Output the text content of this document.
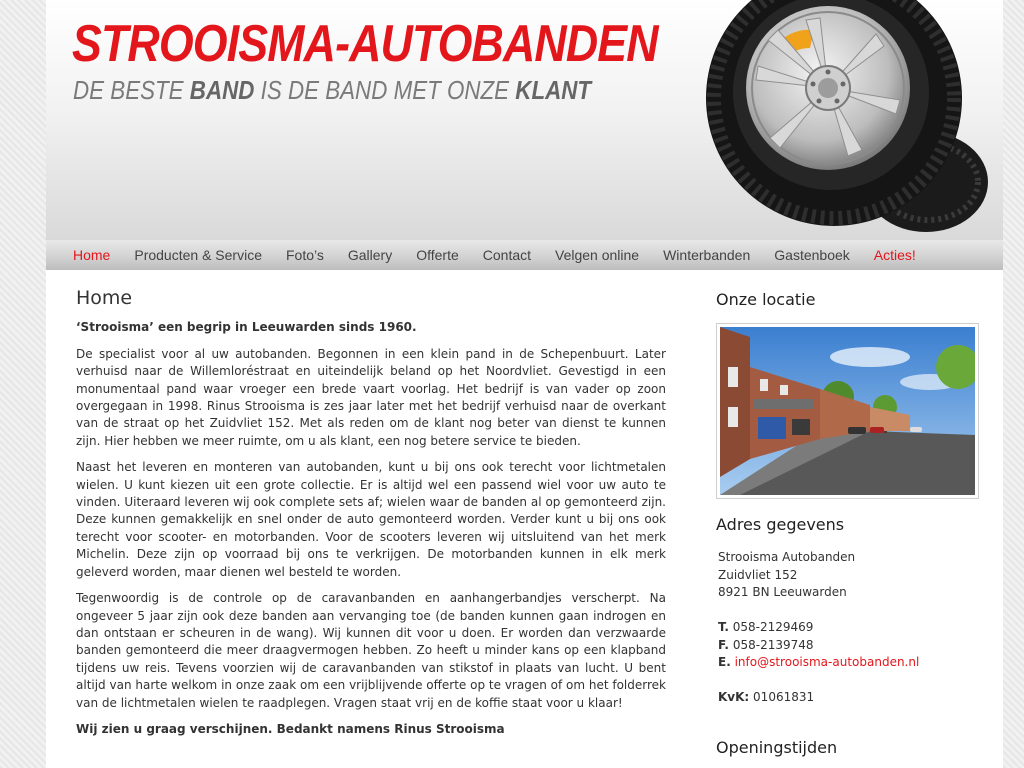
STROOISMA-AUTOBANDEN
DE BESTE BAND IS DE BAND MET ONZE KLANT
Home Producten & Service Foto’s Gallery Offerte Contact Velgen online Winterbanden Gastenboek Acties!
Home

‘Strooisma’ een begrip in Leeuwarden sinds 1960.

De specialist voor al uw autobanden. Begonnen in een klein pand in de Schepenbuurt. Later verhuisd naar de Willemloréstraat en uiteindelijk beland op het Noordvliet. Gevestigd in een monumentaal pand waar vroeger een brede vaart voorlag. Het bedrijf is van vader op zoon overgegaan in 1998. Rinus Strooisma is zes jaar later met het bedrijf verhuisd naar de overkant van de straat op het Zuidvliet 152. Met als reden om de klant nog beter van dienst te kunnen zijn. Hier hebben we meer ruimte, om u als klant, een nog betere service te bieden.

Naast het leveren en monteren van autobanden, kunt u bij ons ook terecht voor lichtmetalen wielen. U kunt kiezen uit een grote collectie. Er is altijd wel een passend wiel voor uw auto te vinden. Uiteraard leveren wij ook complete sets af; wielen waar de banden al op gemonteerd zijn. Deze kunnen gemakkelijk en snel onder de auto gemonteerd worden. Verder kunt u bij ons ook terecht voor scooter- en motorbanden. Voor de scooters leveren wij uitsluitend van het merk Michelin. Deze zijn op voorraad bij ons te verkrijgen. De motorbanden kunnen in elk merk geleverd worden, maar dienen wel besteld te worden.

Tegenwoordig is de controle op de caravanbanden en aanhangerbandjes verscherpt. Na ongeveer 5 jaar zijn ook deze banden aan vervanging toe (de banden kunnen gaan indrogen en dan ontstaan er scheuren in de wang). Wij kunnen dit voor u doen. Er worden dan verzwaarde banden gemonteerd die meer draagvermogen hebben. Zo heeft u minder kans op een klapband tijdens uw reis. Tevens voorzien wij de caravanbanden van stikstof in plaats van lucht. U bent altijd van harte welkom in onze zaak om een vrijblijvende offerte op te vragen of om het folderrek van de lichtmetalen wielen te raadplegen. Vragen staat vrij en de koffie staat voor u klaar!

Wij zien u graag verschijnen. Bedankt namens Rinus Strooisma

Onze locatie
Adres gegevens
Strooisma Autobanden
Zuidvliet 152
8921 BN Leeuwarden
T. 058-2129469
F. 058-2139748
E. info@strooisma-autobanden.nl
KvK: 01061831
Openingstijden
